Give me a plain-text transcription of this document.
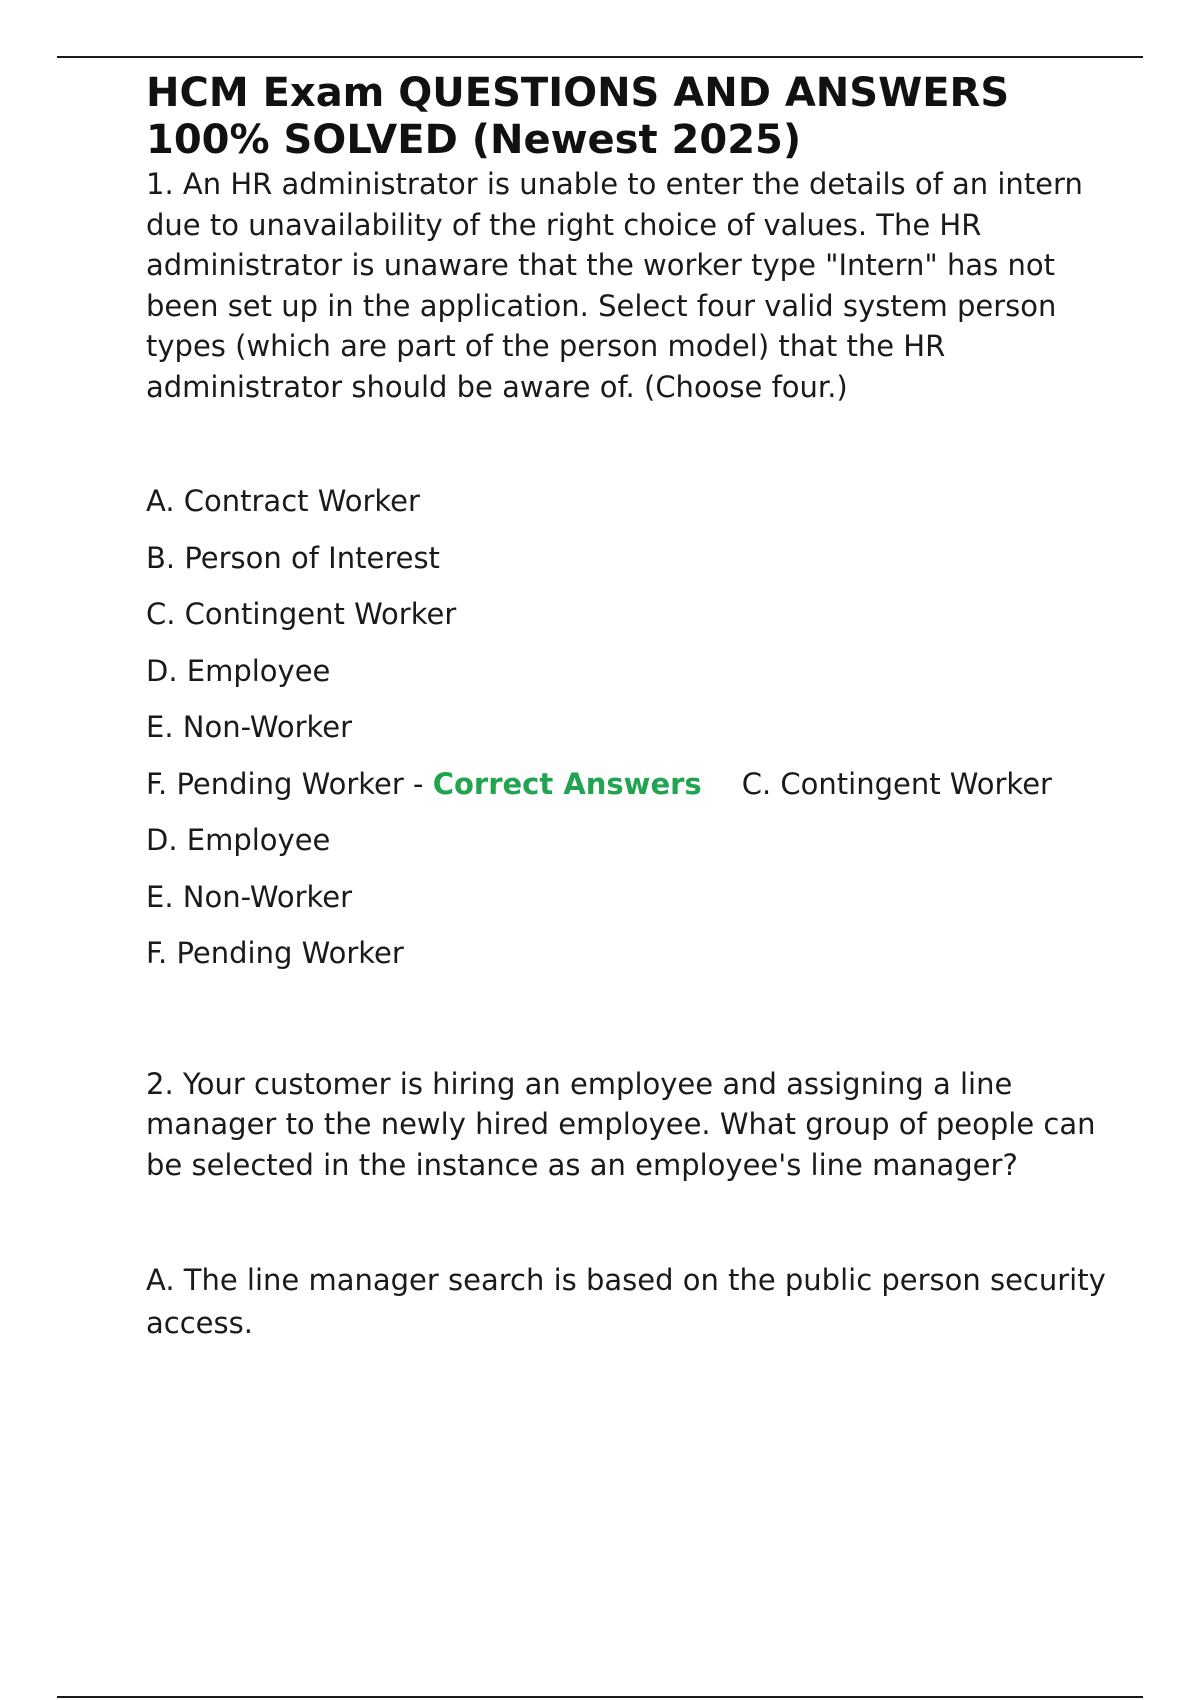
HCM Exam QUESTIONS AND ANSWERS 100% SOLVED (Newest 2025)

1. An HR administrator is unable to enter the details of an intern due to unavailability of the right choice of values. The HR administrator is unaware that the worker type "Intern" has not been set up in the application. Select four valid system person types (which are part of the person model) that the HR administrator should be aware of. (Choose four.)

A. Contract Worker

B. Person of Interest

C. Contingent Worker

D. Employee

E. Non-Worker

F. Pending Worker - Correct Answers C. Contingent Worker

D. Employee

E. Non-Worker

F. Pending Worker

2. Your customer is hiring an employee and assigning a line manager to the newly hired employee. What group of people can be selected in the instance as an employee's line manager?

A. The line manager search is based on the public person security access.
